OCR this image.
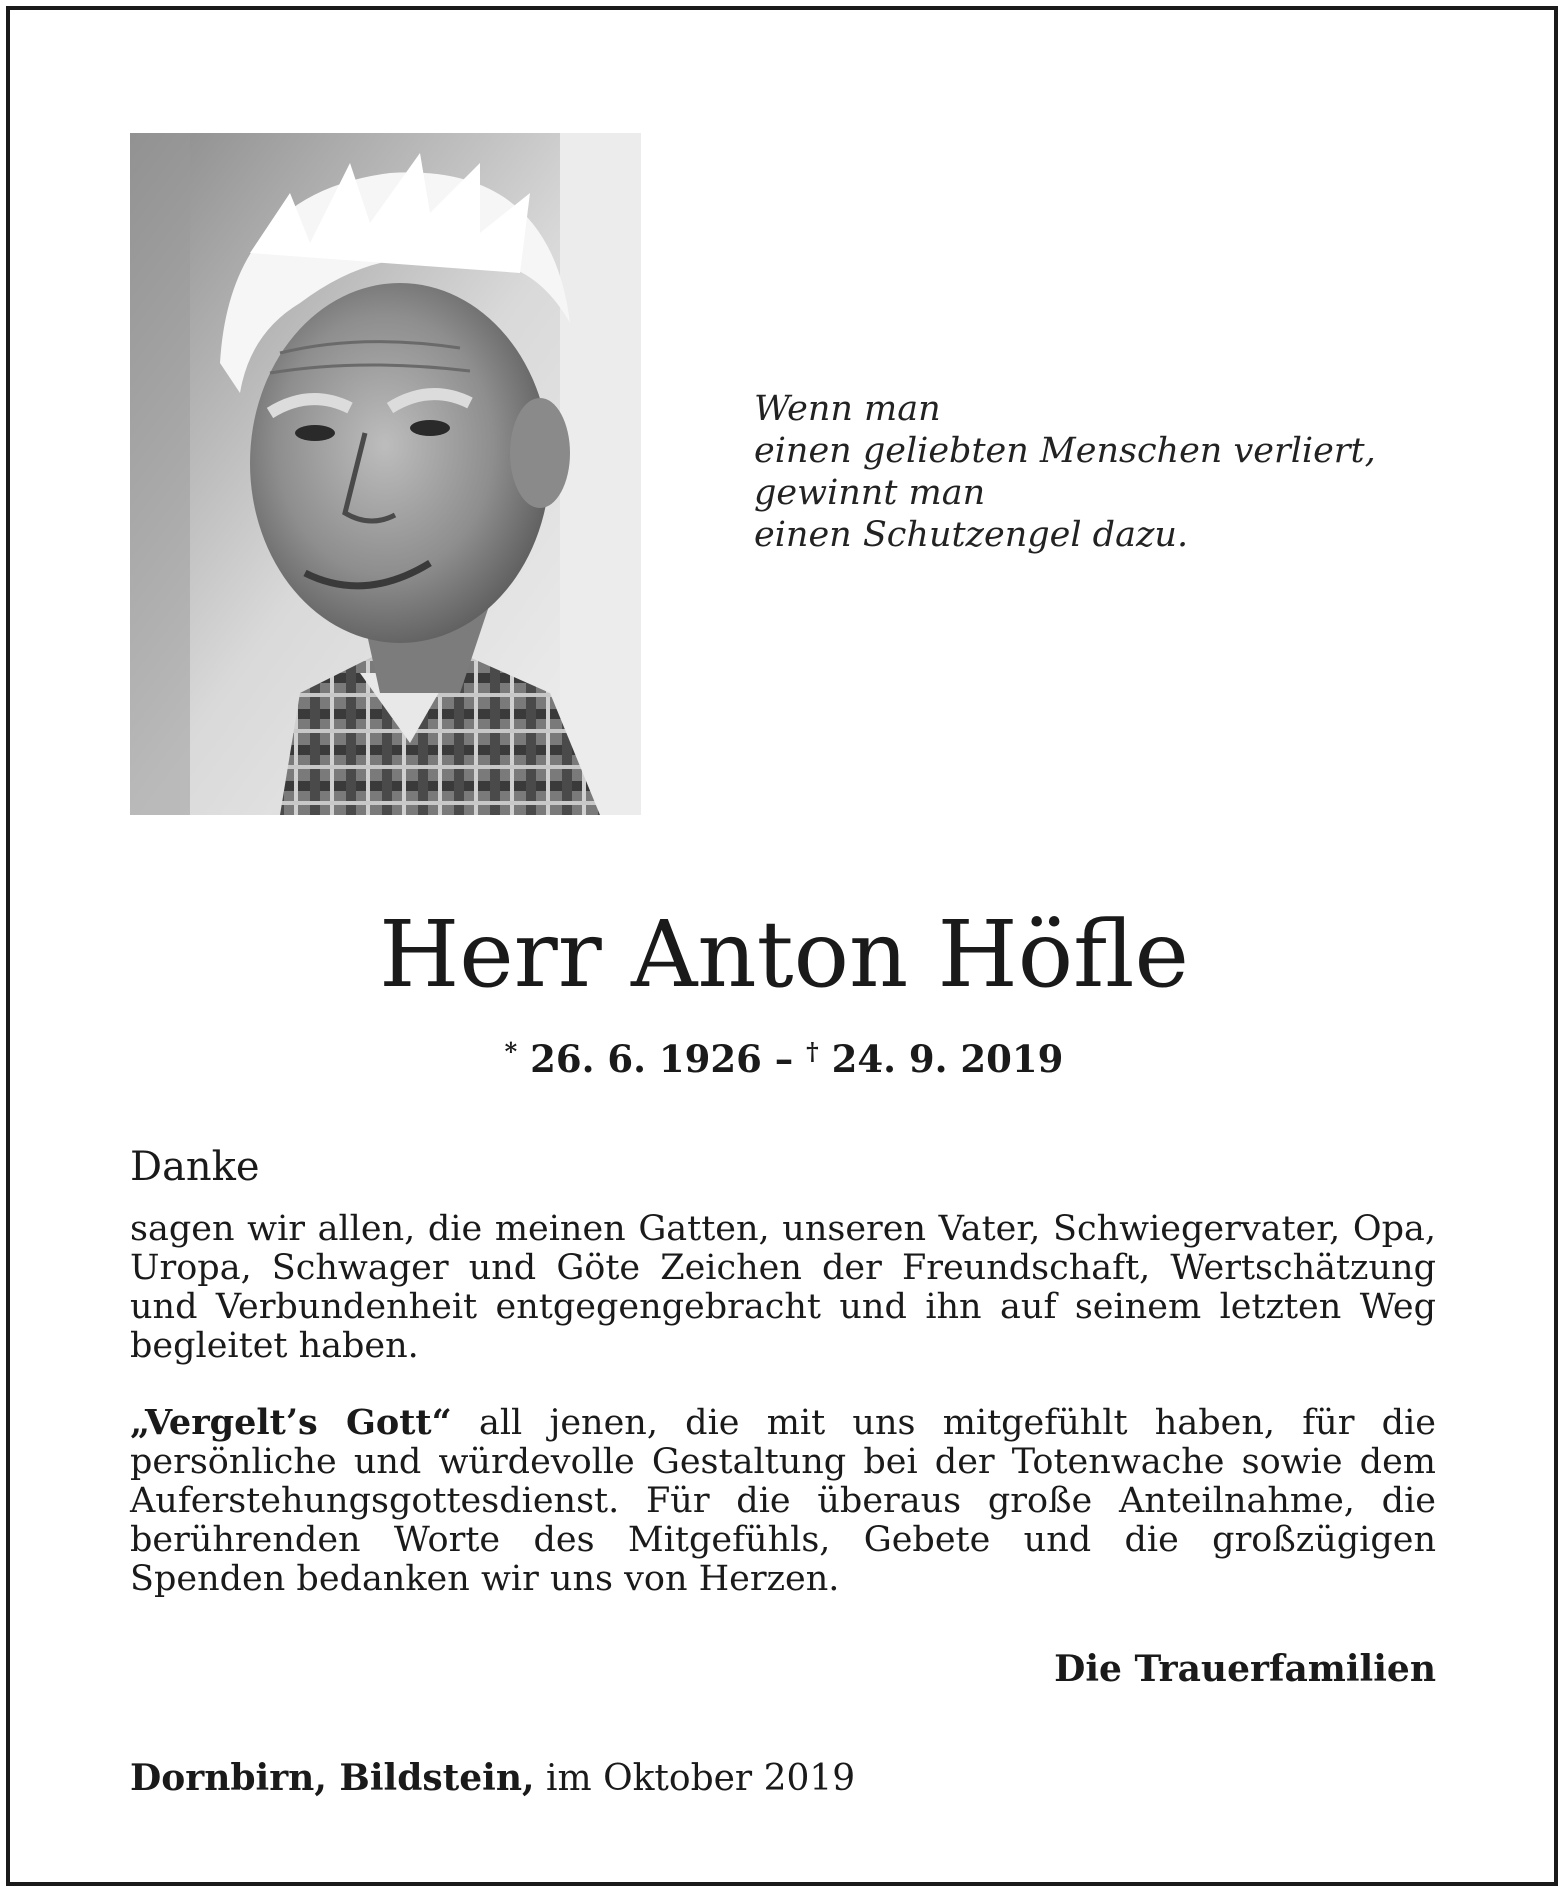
Wenn man
einen geliebten Menschen verliert,
gewinnt man
einen Schutzengel dazu.
Herr Anton Höfle
* 26. 6. 1926 – † 24. 9. 2019
Danke
sagen wir allen, die meinen Gatten, unseren Vater, Schwiegervater, Opa, Uropa, Schwager und Göte Zeichen der Freundschaft, Wertschätzung und Verbundenheit entgegengebracht und ihn auf seinem letzten Weg begleitet haben.
„Vergelt’s Gott“ all jenen, die mit uns mitgefühlt haben, für die persönliche und würdevolle Gestaltung bei der Totenwache sowie dem Auferstehungsgottesdienst. Für die überaus große Anteilnahme, die berührenden Worte des Mitgefühls, Gebete und die großzügigen Spenden bedanken wir uns von Herzen.
Die Trauerfamilien
Dornbirn, Bildstein, im Oktober 2019
